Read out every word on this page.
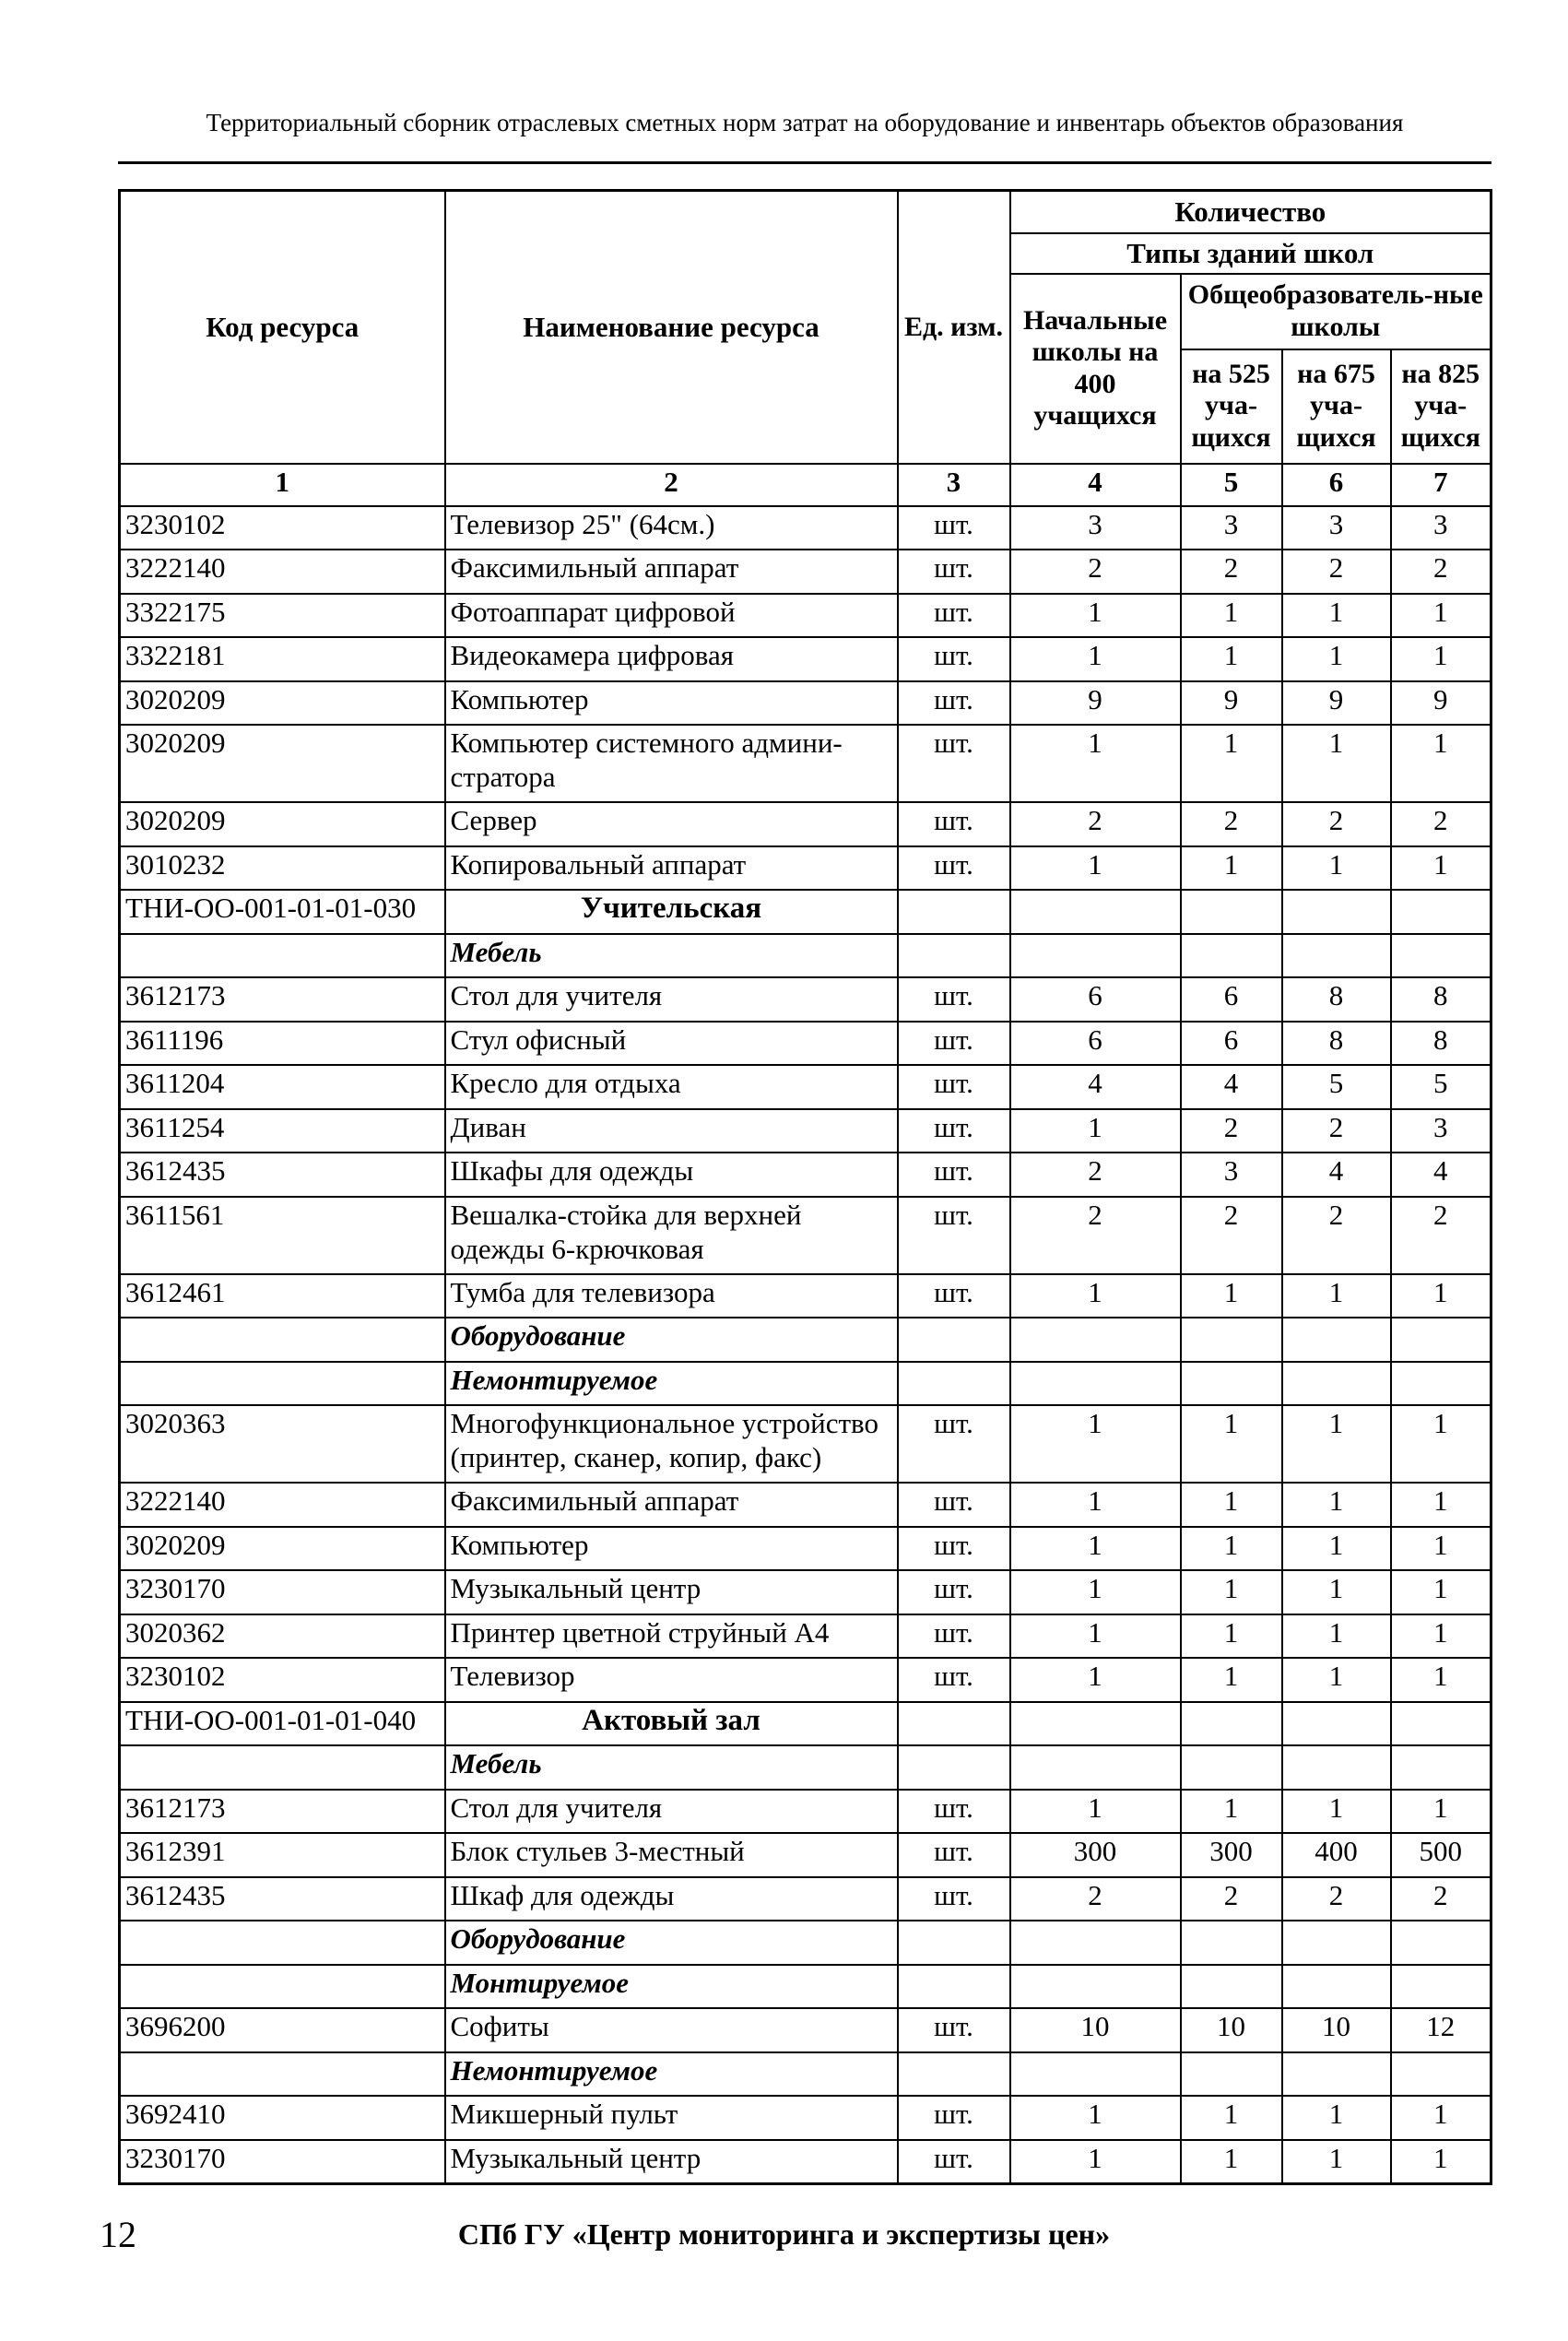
Территориальный сборник отраслевых сметных норм затрат на оборудование и инвентарь объектов образования
Код ресурса	Наименование ресурса	Ед. изм.	Количество			
			Типы зданий школ			
			Начальные школы на 400 учащихся	Общеобразователь-ные школы		
				на 525 уча-щихся	на 675 уча-щихся	на 825 уча-щихся
1	2	3	4	5	6	7
3230102	Телевизор 25" (64см.)	шт.	3	3	3	3
3222140	Факсимильный аппарат	шт.	2	2	2	2
3322175	Фотоаппарат цифровой	шт.	1	1	1	1
3322181	Видеокамера цифровая	шт.	1	1	1	1
3020209	Компьютер	шт.	9	9	9	9
3020209	Компьютер системного админи-стратора	шт.	1	1	1	1
3020209	Сервер	шт.	2	2	2	2
3010232	Копировальный аппарат	шт.	1	1	1	1
ТНИ-ОО-001-01-01-030	Учительская					
	Мебель					
3612173	Стол для учителя	шт.	6	6	8	8
3611196	Стул офисный	шт.	6	6	8	8
3611204	Кресло для отдыха	шт.	4	4	5	5
3611254	Диван	шт.	1	2	2	3
3612435	Шкафы для одежды	шт.	2	3	4	4
3611561	Вешалка-стойка для верхней одежды 6-крючковая	шт.	2	2	2	2
3612461	Тумба для телевизора	шт.	1	1	1	1
	Оборудование					
	Немонтируемое					
3020363	Многофункциональное устройство (принтер, сканер, копир, факс)	шт.	1	1	1	1
3222140	Факсимильный аппарат	шт.	1	1	1	1
3020209	Компьютер	шт.	1	1	1	1
3230170	Музыкальный центр	шт.	1	1	1	1
3020362	Принтер цветной струйный А4	шт.	1	1	1	1
3230102	Телевизор	шт.	1	1	1	1
ТНИ-ОО-001-01-01-040	Актовый зал					
	Мебель					
3612173	Стол для учителя	шт.	1	1	1	1
3612391	Блок стульев 3-местный	шт.	300	300	400	500
3612435	Шкаф для одежды	шт.	2	2	2	2
	Оборудование					
	Монтируемое					
3696200	Софиты	шт.	10	10	10	12
	Немонтируемое					
3692410	Микшерный пульт	шт.	1	1	1	1
3230170	Музыкальный центр	шт.	1	1	1	1
12	СПб ГУ «Центр мониторинга и экспертизы цен»
